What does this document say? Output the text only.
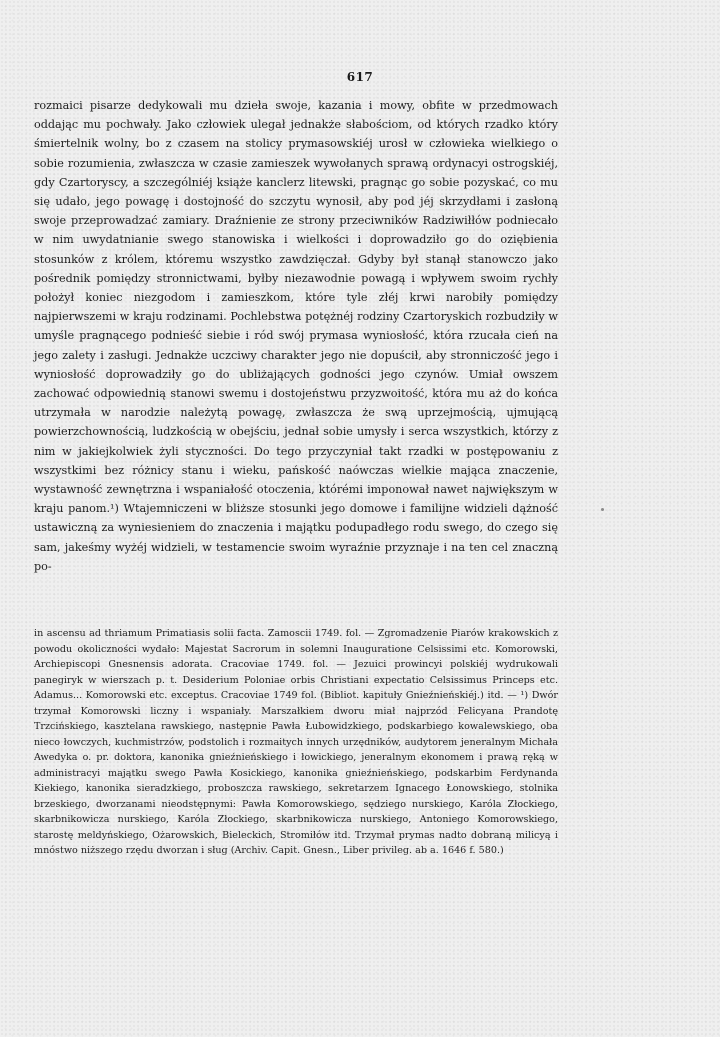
617

rozmaici pisarze dedykowali mu dzieła swoje, kazania i mowy, obfite w przedmowach oddając mu pochwały. Jako człowiek ulegał jednakże słabościom, od których rzadko który śmiertelnik wolny, bo z czasem na stolicy prymasowskiéj urosł w człowieka wielkiego o sobie rozumienia, zwłaszcza w czasie zamieszek wywołanych sprawą ordynacyi ostrogskiéj, gdy Czartoryscy, a szczególniéj książe kanclerz litewski, pragnąc go sobie pozyskać, co mu się udało, jego powagę i dostojność do szczytu wynosił, aby pod jéj skrzydłami i zasłoną swoje przeprowadzać zamiary. Draźnienie ze strony przeciwników Radziwiłłów podniecało w nim uwydatnianie swego stanowiska i wielkości i doprowadziło go do oziębienia stosunków z królem, któremu wszystko zawdzięczał. Gdyby był stanął stanowczo jako pośrednik pomiędzy stronnictwami, byłby niezawodnie powagą i wpływem swoim rychły położył koniec niezgodom i zamieszkom, które tyle złéj krwi narobiły pomiędzy najpierwszemi w kraju rodzinami. Pochlebstwa potężnéj rodziny Czartoryskich rozbudziły w umyśle pragnącego podnieść siebie i ród swój prymasa wyniosłość, która rzucała cień na jego zalety i zasługi. Jednakże uczciwy charakter jego nie dopuścił, aby stronniczość jego i wyniosłość doprowadziły go do ubliżających godności jego czynów. Umiał owszem zachować odpowiednią stanowi swemu i dostojeństwu przyzwoitość, która mu aż do końca utrzymała w narodzie należytą powagę, zwłaszcza że swą uprzejmością, ujmującą powierzchownością, ludzkością w obejściu, jednał sobie umysły i serca wszystkich, którzy z nim w jakiejkolwiek żyli styczności. Do tego przyczyniał takt rzadki w postępowaniu z wszystkimi bez różnicy stanu i wieku, pańskość naówczas wielkie mająca znaczenie, wystawność zewnętrzna i wspaniałość otoczenia, którémi imponował nawet największym w kraju panom.¹) Wtajemniczeni w bliższe stosunki jego domowe i familijne widzieli dążność ustawiczną za wyniesieniem do znaczenia i majątku podupadłego rodu swego, do czego się sam, jakeśmy wyżéj widzieli, w testamencie swoim wyraźnie przyznaje i na ten cel znaczną po-

in ascensu ad thriamum Primatiasis solii facta. Zamoscii 1749. fol. — Zgromadzenie Piarów krakowskich z powodu okoliczności wydało: Majestat Sacrorum in solemni Inauguratione Celsissimi etc. Komorowski, Archiepiscopi Gnesnensis adorata. Cracoviae 1749. fol. — Jezuici prowincyi polskiéj wydrukowali panegiryk w wierszach p. t. Desiderium Poloniae orbis Christiani expectatio Celsissimus Princeps etc. Adamus... Komorowski etc. exceptus. Cracoviae 1749 fol. (Bibliot. kapituły Gnieźnieńskiéj.) itd. — ¹) Dwór trzymał Komorowski liczny i wspaniały. Marszałkiem dworu miał najprzód Felicyana Prandotę Trzcińskiego, kasztelana rawskiego, następnie Pawła Łubowidzkiego, podskarbiego kowalewskiego, oba nieco łowczych, kuchmistrzów, podstolich i rozmaitych innych urzędników, audytorem jeneralnym Michała Awedyka o. pr. doktora, kanonika gnieźnieńskiego i łowickiego, jeneralnym ekonomem i prawą ręką w administracyi majątku swego Pawła Kosickiego, kanonika gnieźnieńskiego, podskarbim Ferdynanda Kiekiego, kanonika sieradzkiego, proboszcza rawskiego, sekretarzem Ignacego Łonowskiego, stolnika brzeskiego, dworzanami nieodstępnymi: Pawła Komorowskiego, sędziego nurskiego, Karóla Złockiego, skarbnikowicza nurskiego, Karóla Złockiego, skarbnikowicza nurskiego, Antoniego Komorowskiego, starostę meldyńskiego, Ożarowskich, Bieleckich, Stromiłów itd. Trzymał prymas nadto dobraną milicyą i mnóstwo niższego rzędu dworzan i sług (Archiv. Capit. Gnesn., Liber privileg. ab a. 1646 f. 580.)
